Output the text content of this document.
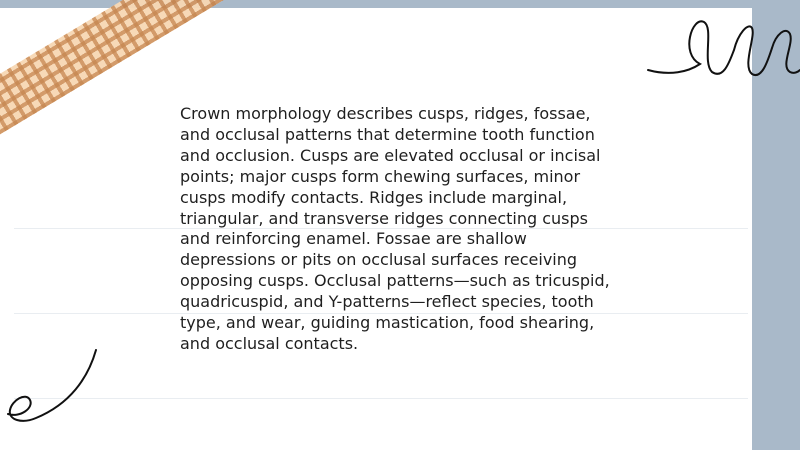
Crown morphology describes cusps, ridges, fossae,
and occlusal patterns that determine tooth function
and occlusion. Cusps are elevated occlusal or incisal
points; major cusps form chewing surfaces, minor
cusps modify contacts. Ridges include marginal,
triangular, and transverse ridges connecting cusps
and reinforcing enamel. Fossae are shallow
depressions or pits on occlusal surfaces receiving
opposing cusps. Occlusal patterns—such as tricuspid,
quadricuspid, and Y-patterns—reflect species, tooth
type, and wear, guiding mastication, food shearing,
and occlusal contacts.
